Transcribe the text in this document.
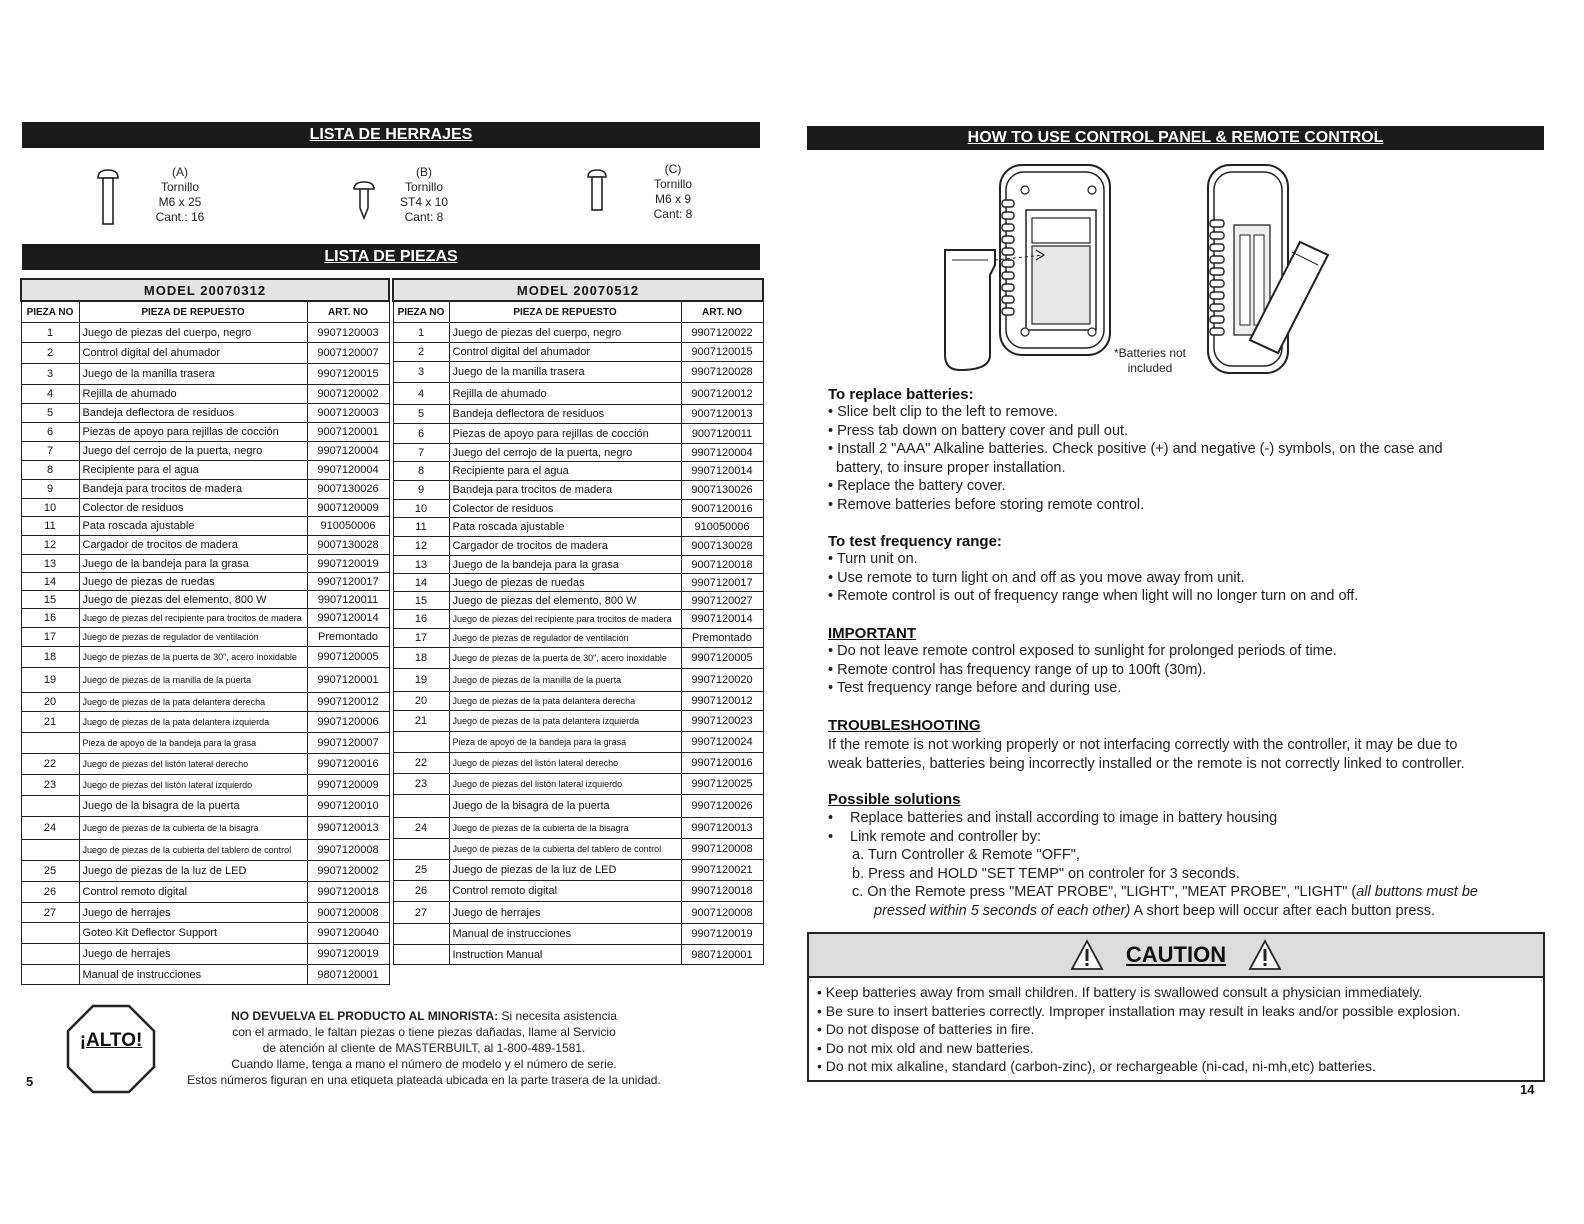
LISTA DE HERRAJES
(A)
Tornillo
M6 x 25
Cant.: 16
(B)
Tornillo
ST4 x 10
Cant: 8
(C)
Tornillo
M6 x 9
Cant: 8
LISTA DE PIEZAS
MODEL 20070312		
PIEZA NO	PIEZA DE REPUESTO	ART. NO
1	Juego de piezas del cuerpo, negro	9907120003
2	Control digital del ahumador	9007120007
3	Juego de la manilla trasera	9907120015
4	Rejilla de ahumado	9007120002
5	Bandeja deflectora de residuos	9007120003
6	Piezas de apoyo para rejillas de cocción	9007120001
7	Juego del cerrojo de la puerta, negro	9907120004
8	Recipiente para el agua	9907120004
9	Bandeja para trocitos de madera	9007130026
10	Colector de residuos	9007120009
11	Pata roscada ajustable	910050006
12	Cargador de trocitos de madera	9007130028
13	Juego de la bandeja para la grasa	9907120019
14	Juego de piezas de ruedas	9907120017
15	Juego de piezas del elemento, 800 W	9907120011
16	Juego de piezas del recipiente para trocitos de madera	9907120014
17	Juego de piezas de regulador de ventilación	Premontado
18	Juego de piezas de la puerta de 30", acero inoxidable	9907120005
19	Juego de piezas de la manilla de la puerta	9907120001
20	Juego de piezas de la pata delantera derecha	9907120012
21	Juego de piezas de la pata delantera izquierda	9907120006
	Pieza de apoyo de la bandeja para la grasa	9907120007
22	Juego de piezas del listón lateral derecho	9907120016
23	Juego de piezas del listón lateral izquierdo	9907120009
	Juego de la bisagra de la puerta	9907120010
24	Juego de piezas de la cubierta de la bisagra	9907120013
	Juego de piezas de la cubierta del tablero de control	9907120008
25	Juego de piezas de la luz de LED	9907120002
26	Control remoto digital	9907120018
27	Juego de herrajes	9007120008
	Goteo Kit Deflector Support	9907120040
	Juego de herrajes	9907120019
	Manual de instrucciones	9807120001
MODEL 20070512		
PIEZA NO	PIEZA DE REPUESTO	ART. NO
1	Juego de piezas del cuerpo, negro	9907120022
2	Control digital del ahumador	9007120015
3	Juego de la manilla trasera	9907120028
4	Rejilla de ahumado	9007120012
5	Bandeja deflectora de residuos	9007120013
6	Piezas de apoyo para rejillas de cocción	9007120011
7	Juego del cerrojo de la puerta, negro	9907120004
8	Recipiente para el agua	9907120014
9	Bandeja para trocitos de madera	9007130026
10	Colector de residuos	9007120016
11	Pata roscada ajustable	910050006
12	Cargador de trocitos de madera	9007130028
13	Juego de la bandeja para la grasa	9007120018
14	Juego de piezas de ruedas	9907120017
15	Juego de piezas del elemento, 800 W	9907120027
16	Juego de piezas del recipiente para trocitos de madera	9907120014
17	Juego de piezas de regulador de ventilación	Premontado
18	Juego de piezas de la puerta de 30", acero inoxidable	9907120005
19	Juego de piezas de la manilla de la puerta	9907120020
20	Juego de piezas de la pata delantera derecha	9907120012
21	Juego de piezas de la pata delantera izquierda	9907120023
	Pieza de apoyo de la bandeja para la grasa	9907120024
22	Juego de piezas del listón lateral derecho	9907120016
23	Juego de piezas del listón lateral izquierdo	9907120025
	Juego de la bisagra de la puerta	9907120026
24	Juego de piezas de la cubierta de la bisagra	9907120013
	Juego de piezas de la cubierta del tablero de control	9907120008
25	Juego de piezas de la luz de LED	9907120021
26	Control remoto digital	9907120018
27	Juego de herrajes	9007120008
	Manual de instrucciones	9907120019
	Instruction Manual	9807120001
¡ALTO!
NO DEVUELVA EL PRODUCTO AL MINORISTA: Si necesita asistencia
con el armado, le faltan piezas o tiene piezas dañadas, llame al Servicio
de atención al cliente de MASTERBUILT, al 1-800-489-1581.
Cuando llame, tenga a mano el número de modelo y el número de serie.
Estos números figuran en una etiqueta plateada ubicada en la parte trasera de la unidad.
5
HOW TO USE CONTROL PANEL & REMOTE CONTROL
*Batteries not
included
To replace batteries:
• Slice belt clip to the left to remove.
• Press tab down on battery cover and pull out.
• Install 2 "AAA" Alkaline batteries. Check positive (+) and negative (-) symbols, on the case and
battery, to insure proper installation.
• Replace the battery cover.
• Remove batteries before storing remote control.
To test frequency range:
• Turn unit on.
• Use remote to turn light on and off as you move away from unit.
• Remote control is out of frequency range when light will no longer turn on and off.
IMPORTANT
• Do not leave remote control exposed to sunlight for prolonged periods of time.
• Remote control has frequency range of up to 100ft (30m).
• Test frequency range before and during use.
TROUBLESHOOTING
If the remote is not working properly or not interfacing correctly with the controller, it may be due to
weak batteries, batteries being incorrectly installed or the remote is not correctly linked to controller.
Possible solutions
• Replace batteries and install according to image in battery housing
• Link remote and controller by:
a. Turn Controller & Remote "OFF",
b. Press and HOLD "SET TEMP" on controler for 3 seconds.
c. On the Remote press "MEAT PROBE", "LIGHT", "MEAT PROBE", "LIGHT" (all buttons must be
pressed within 5 seconds of each other) A short beep will occur after each button press.
CAUTION
• Keep batteries away from small children. If battery is swallowed consult a physician immediately.
• Be sure to insert batteries correctly. Improper installation may result in leaks and/or possible explosion.
• Do not dispose of batteries in fire.
• Do not mix old and new batteries.
• Do not mix alkaline, standard (carbon-zinc), or rechargeable (ni-cad, ni-mh,etc) batteries.
14
